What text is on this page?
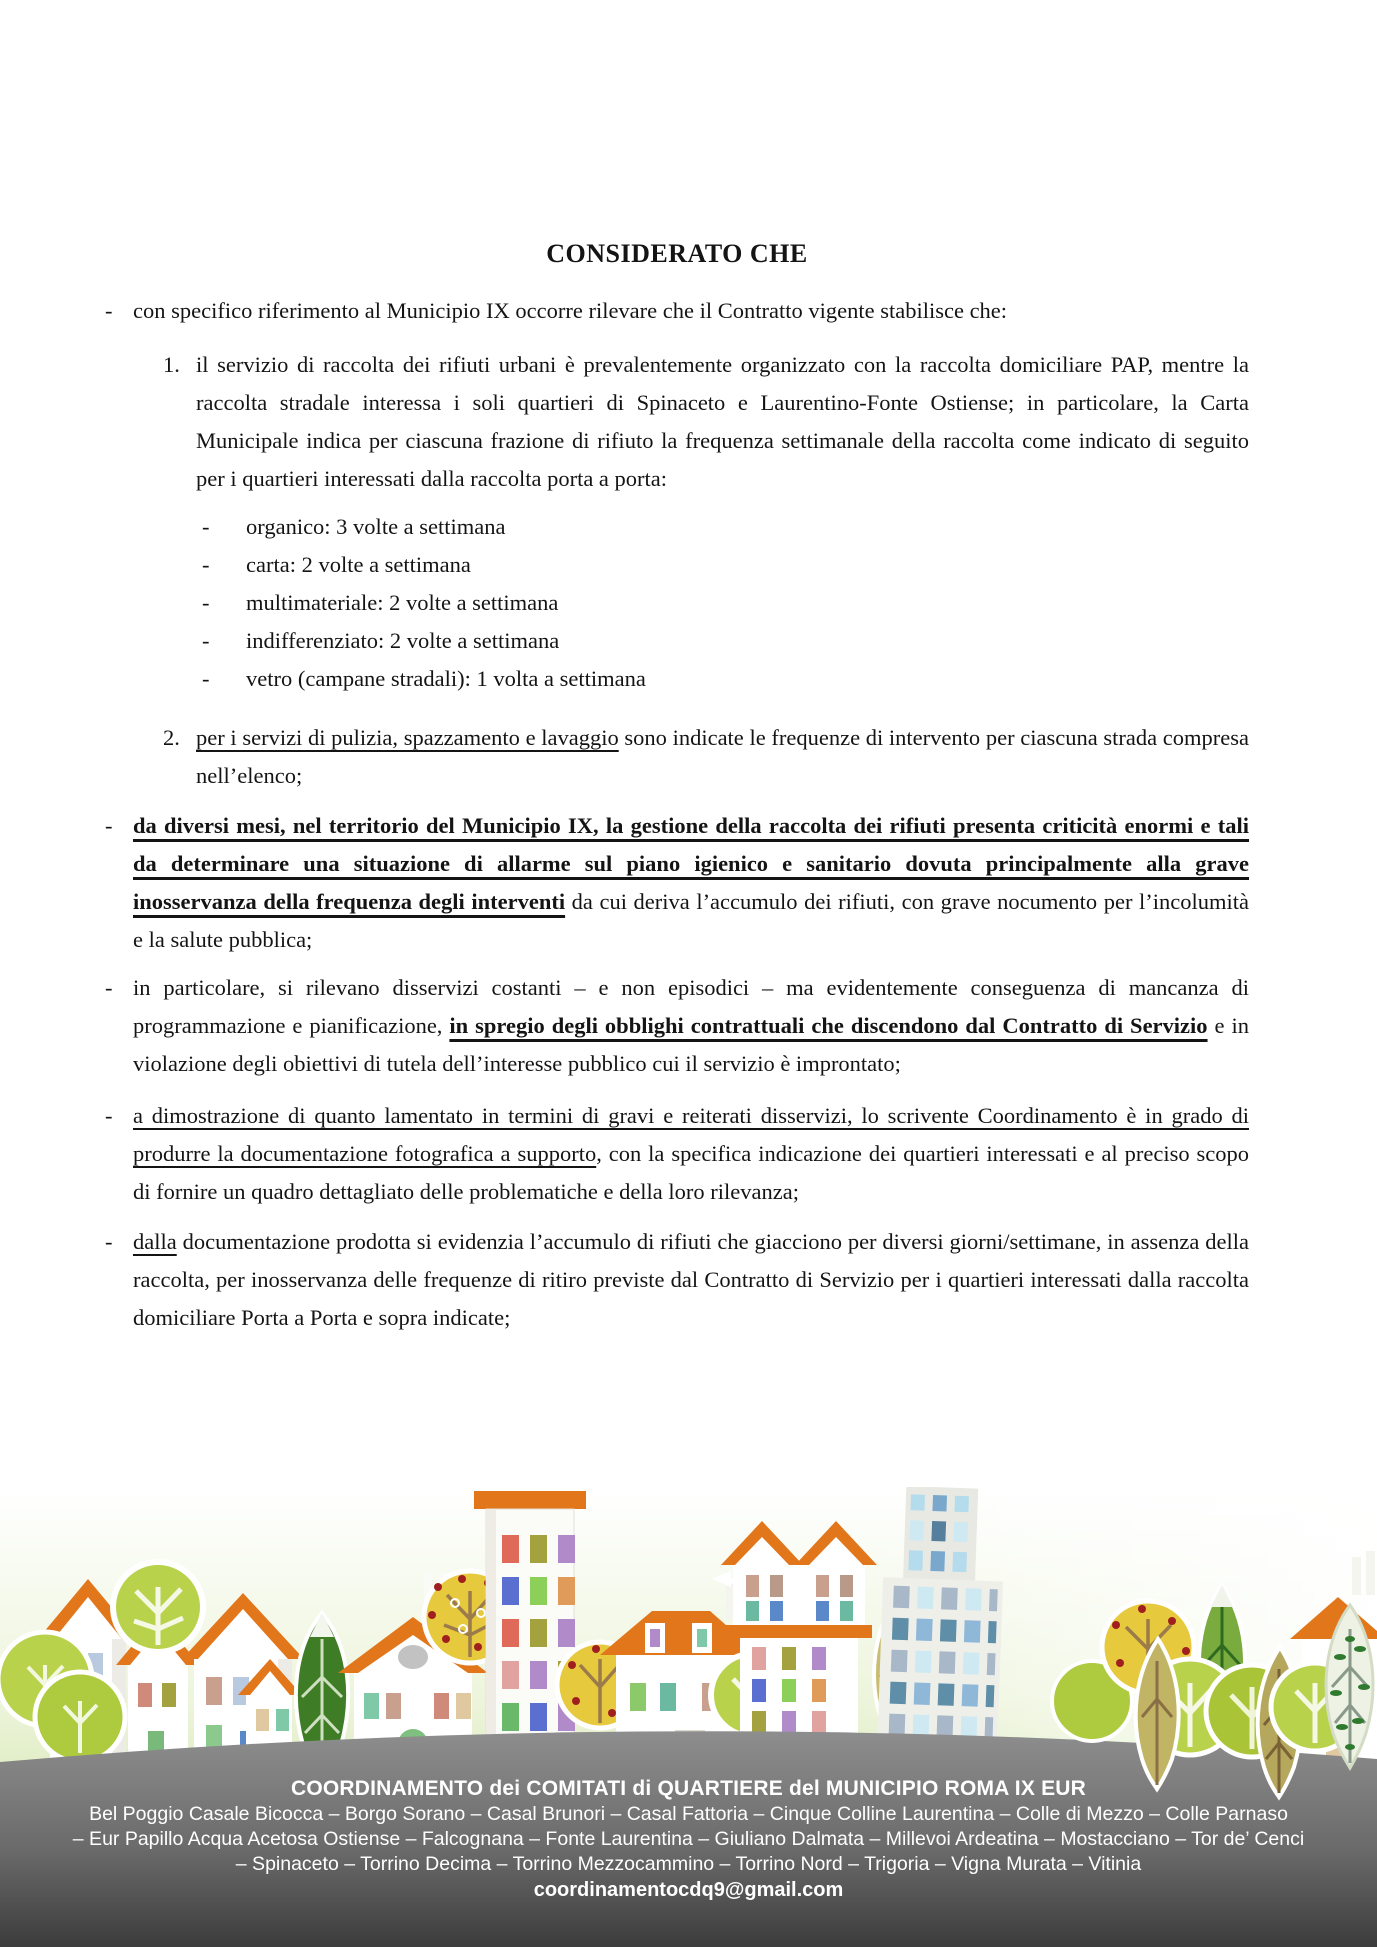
CONSIDERATO CHE
- con specifico riferimento al Municipio IX occorre rilevare che il Contratto vigente stabilisce che:
1. il servizio di raccolta dei rifiuti urbani è prevalentemente organizzato con la raccolta domiciliare PAP, mentre la raccolta stradale interessa i soli quartieri di Spinaceto e Laurentino-Fonte Ostiense; in particolare, la Carta Municipale indica per ciascuna frazione di rifiuto la frequenza settimanale della raccolta come indicato di seguito per i quartieri interessati dalla raccolta porta a porta:
- organico: 3 volte a settimana
- carta: 2 volte a settimana
- multimateriale: 2 volte a settimana
- indifferenziato: 2 volte a settimana
- vetro (campane stradali): 1 volta a settimana
2. per i servizi di pulizia, spazzamento e lavaggio sono indicate le frequenze di intervento per ciascuna strada compresa nell’elenco;
- da diversi mesi, nel territorio del Municipio IX, la gestione della raccolta dei rifiuti presenta criticità enormi e tali da determinare una situazione di allarme sul piano igienico e sanitario dovuta principalmente alla grave inosservanza della frequenza degli interventi da cui deriva l’accumulo dei rifiuti, con grave nocumento per l’incolumità e la salute pubblica;
- in particolare, si rilevano disservizi costanti – e non episodici – ma evidentemente conseguenza di mancanza di programmazione e pianificazione, in spregio degli obblighi contrattuali che discendono dal Contratto di Servizio e in violazione degli obiettivi di tutela dell’interesse pubblico cui il servizio è improntato;
- a dimostrazione di quanto lamentato in termini di gravi e reiterati disservizi, lo scrivente Coordinamento è in grado di produrre la documentazione fotografica a supporto, con la specifica indicazione dei quartieri interessati e al preciso scopo di fornire un quadro dettagliato delle problematiche e della loro rilevanza;
- dalla documentazione prodotta si evidenzia l’accumulo di rifiuti che giacciono per diversi giorni/settimane, in assenza della raccolta, per inosservanza delle frequenze di ritiro previste dal Contratto di Servizio per i quartieri interessati dalla raccolta domiciliare Porta a Porta e sopra indicate;
COORDINAMENTO dei COMITATI di QUARTIERE del MUNICIPIO ROMA IX EUR
Bel Poggio Casale Bicocca – Borgo Sorano – Casal Brunori – Casal Fattoria – Cinque Colline Laurentina – Colle di Mezzo – Colle Parnaso
– Eur Papillo Acqua Acetosa Ostiense – Falcognana – Fonte Laurentina – Giuliano Dalmata – Millevoi Ardeatina – Mostacciano – Tor de’ Cenci
– Spinaceto – Torrino Decima – Torrino Mezzocammino – Torrino Nord – Trigoria – Vigna Murata – Vitinia
coordinamentocdq9@gmail.com
